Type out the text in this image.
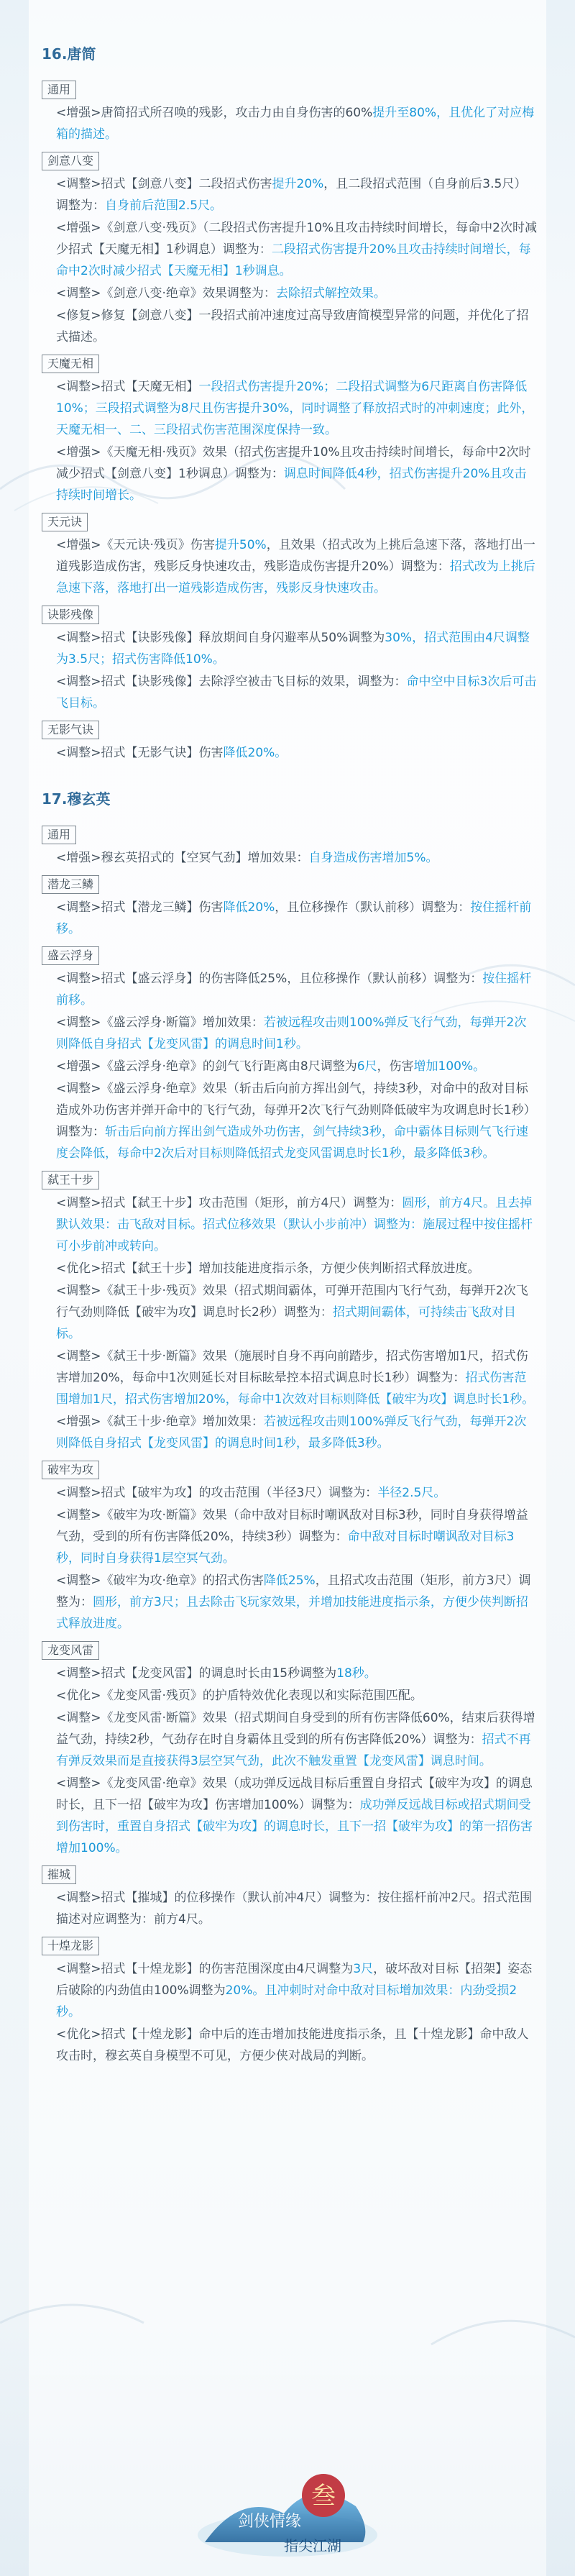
16.唐简
通用
<增强>唐简招式所召唤的残影，攻击力由自身伤害的60%提升至80%，且优化了对应梅箱的描述。
剑意八变
<调整>招式【剑意八变】二段招式伤害提升20%，且二段招式范围（自身前后3.5尺）调整为：自身前后范围2.5尺。
<增强>《剑意八变·残页》（二段招式伤害提升10%且攻击持续时间增长，每命中2次时减少招式【天魔无相】1秒调息）调整为：二段招式伤害提升20%且攻击持续时间增长，每命中2次时减少招式【天魔无相】1秒调息。
<调整>《剑意八变·绝章》效果调整为：去除招式解控效果。
<修复>修复【剑意八变】一段招式前冲速度过高导致唐简模型异常的问题，并优化了招式描述。
天魔无相
<调整>招式【天魔无相】一段招式伤害提升20%；二段招式调整为6尺距离自伤害降低10%；三段招式调整为8尺且伤害提升30%，同时调整了释放招式时的冲刺速度；此外，天魔无相一、二、三段招式伤害范围深度保持一致。
<增强>《天魔无相·残页》效果（招式伤害提升10%且攻击持续时间增长，每命中2次时减少招式【剑意八变】1秒调息）调整为：调息时间降低4秒，招式伤害提升20%且攻击持续时间增长。
天元诀
<增强>《天元诀·残页》伤害提升50%，且效果（招式改为上挑后急速下落，落地打出一道残影造成伤害，残影反身快速攻击，残影造成伤害提升20%）调整为：招式改为上挑后急速下落，落地打出一道残影造成伤害，残影反身快速攻击。
诀影残像
<调整>招式【诀影残像】释放期间自身闪避率从50%调整为30%，招式范围由4尺调整为3.5尺；招式伤害降低10%。
<调整>招式【诀影残像】去除浮空被击飞目标的效果，调整为：命中空中目标3次后可击飞目标。
无影气诀
<调整>招式【无影气诀】伤害降低20%。
17.穆玄英
通用
<增强>穆玄英招式的【空冥气劲】增加效果：自身造成伤害增加5%。
潜龙三鳞
<调整>招式【潜龙三鳞】伤害降低20%，且位移操作（默认前移）调整为：按住摇杆前移。
盛云浮身
<调整>招式【盛云浮身】的伤害降低25%，且位移操作（默认前移）调整为：按住摇杆前移。
<调整>《盛云浮身·断篇》增加效果：若被远程攻击则100%弹反飞行气劲，每弹开2次则降低自身招式【龙变风雷】的调息时间1秒。
<增强>《盛云浮身·绝章》的剑气飞行距离由8尺调整为6尺，伤害增加100%。
<调整>《盛云浮身·绝章》效果（斩击后向前方挥出剑气，持续3秒，对命中的敌对目标造成外功伤害并弹开命中的飞行气劲，每弹开2次飞行气劲则降低破牢为攻调息时长1秒）调整为：斩击后向前方挥出剑气造成外功伤害，剑气持续3秒，命中霸体目标则气飞行速度会降低，每命中2次后对目标则降低招式龙变风雷调息时长1秒，最多降低3秒。
弑王十步
<调整>招式【弑王十步】攻击范围（矩形，前方4尺）调整为：圆形，前方4尺。且去掉默认效果：击飞敌对目标。招式位移效果（默认小步前冲）调整为：施展过程中按住摇杆可小步前冲或转向。
<优化>招式【弑王十步】增加技能进度指示条，方便少侠判断招式释放进度。
<调整>《弑王十步·残页》效果（招式期间霸体，可弹开范围内飞行气劲，每弹开2次飞行气劲则降低【破牢为攻】调息时长2秒）调整为：招式期间霸体，可持续击飞敌对目标。
<调整>《弑王十步·断篇》效果（施展时自身不再向前踏步，招式伤害增加1尺，招式伤害增加20%，每命中1次则延长对目标眩晕控本招式调息时长1秒）调整为：招式伤害范围增加1尺，招式伤害增加20%，每命中1次效对目标则降低【破牢为攻】调息时长1秒。
<增强>《弑王十步·绝章》增加效果：若被远程攻击则100%弹反飞行气劲，每弹开2次则降低自身招式【龙变风雷】的调息时间1秒，最多降低3秒。
破牢为攻
<调整>招式【破牢为攻】的攻击范围（半径3尺）调整为：半径2.5尺。
<调整>《破牢为攻·断篇》效果（命中敌对目标时嘲讽敌对目标3秒，同时自身获得增益气劲，受到的所有伤害降低20%，持续3秒）调整为：命中敌对目标时嘲讽敌对目标3秒，同时自身获得1层空冥气劲。
<调整>《破牢为攻·绝章》的招式伤害降低25%，且招式攻击范围（矩形，前方3尺）调整为：圆形，前方3尺；且去除击飞玩家效果，并增加技能进度指示条，方便少侠判断招式释放进度。
龙变风雷
<调整>招式【龙变风雷】的调息时长由15秒调整为18秒。
<优化>《龙变风雷·残页》的护盾特效优化表现以和实际范围匹配。
<调整>《龙变风雷·断篇》效果（招式期间自身受到的所有伤害降低60%，结束后获得增益气劲，持续2秒，气劲存在时自身霸体且受到的所有伤害降低20%）调整为：招式不再有弹反效果而是直接获得3层空冥气劲，此次不触发重置【龙变风雷】调息时间。
<调整>《龙变风雷·绝章》效果（成功弹反远战目标后重置自身招式【破牢为攻】的调息时长，且下一招【破牢为攻】伤害增加100%）调整为：成功弹反远战目标或招式期间受到伤害时，重置自身招式【破牢为攻】的调息时长，且下一招【破牢为攻】的第一招伤害增加100%。
摧城
<调整>招式【摧城】的位移操作（默认前冲4尺）调整为：按住摇杆前冲2尺。招式范围描述对应调整为：前方4尺。
十煌龙影
<调整>招式【十煌龙影】的伤害范围深度由4尺调整为3尺，破坏敌对目标【招架】姿态后破除的内劲值由100%调整为20%。且冲刺时对命中敌对目标增加效果：内劲受损2秒。
<优化>招式【十煌龙影】命中后的连击增加技能进度指示条，且【十煌龙影】命中敌人攻击时，穆玄英自身模型不可见，方便少侠对战局的判断。
叁
剑侠情缘
指尖江湖
